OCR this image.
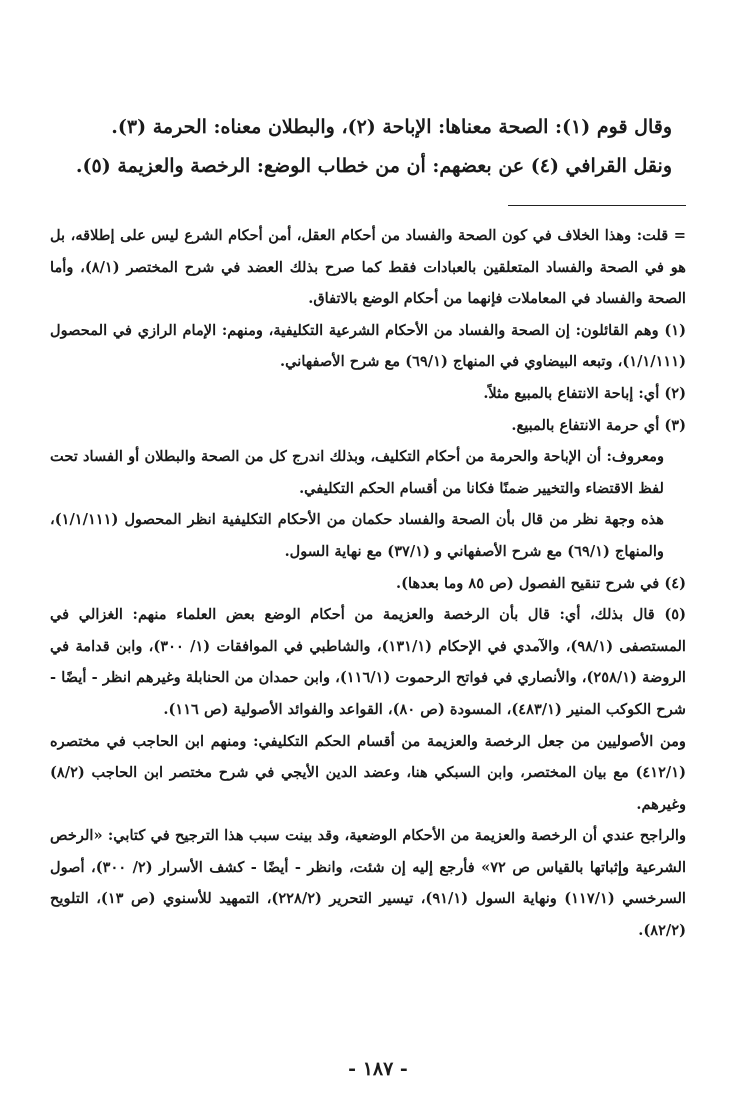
وقال قوم (١): الصحة معناها: الإباحة (٢)، والبطلان معناه: الحرمة (٣).

ونقل القرافي (٤) عن بعضهم: أن من خطاب الوضع: الرخصة والعزيمة (٥).

= قلت: وهذا الخلاف في كون الصحة والفساد من أحكام العقل، أمن أحكام الشرع ليس على إطلاقه، بل هو في الصحة والفساد المتعلقين بالعبادات فقط كما صرح بذلك العضد في شرح المختصر (٨/١)، وأما الصحة والفساد في المعاملات فإنهما من أحكام الوضع بالاتفاق.

(١) وهم القائلون: إن الصحة والفساد من الأحكام الشرعية التكليفية، ومنهم: الإمام الرازي في المحصول (١/١/١١١)، وتبعه البيضاوي في المنهاج (٦٩/١) مع شرح الأصفهاني.

(٢) أي: إباحة الانتفاع بالمبيع مثلاً.

(٣) أي حرمة الانتفاع بالمبيع.

ومعروف: أن الإباحة والحرمة من أحكام التكليف، وبذلك اندرج كل من الصحة والبطلان أو الفساد تحت لفظ الاقتضاء والتخيير ضمنًا فكانا من أقسام الحكم التكليفي.

هذه وجهة نظر من قال بأن الصحة والفساد حكمان من الأحكام التكليفية انظر المحصول (١/١/١١١)، والمنهاج (٦٩/١) مع شرح الأصفهاني و (٣٧/١) مع نهاية السول.

(٤) في شرح تنقيح الفصول (ص ٨٥ وما بعدها).

(٥) قال بذلك، أي: قال بأن الرخصة والعزيمة من أحكام الوضع بعض العلماء منهم: الغزالي في المستصفى (٩٨/١)، والآمدي في الإحكام (١٣١/١)، والشاطبي في الموافقات (١/ ٣٠٠)، وابن قدامة في الروضة (٢٥٨/١)، والأنصاري في فواتح الرحموت (١١٦/١)، وابن حمدان من الحنابلة وغيرهم انظر - أيضًا - شرح الكوكب المنير (٤٨٣/١)، المسودة (ص ٨٠)، القواعد والفوائد الأصولية (ص ١١٦).

ومن الأصوليين من جعل الرخصة والعزيمة من أقسام الحكم التكليفي: ومنهم ابن الحاجب في مختصره (٤١٢/١) مع بيان المختصر، وابن السبكي هنا، وعضد الدين الأيجي في شرح مختصر ابن الحاجب (٨/٢) وغيرهم.

والراجح عندي أن الرخصة والعزيمة من الأحكام الوضعية، وقد بينت سبب هذا الترجيح في كتابي: «الرخص الشرعية وإثباتها بالقياس ص ٧٢» فأرجع إليه إن شئت، وانظر - أيضًا - كشف الأسرار (٢/ ٣٠٠)، أصول السرخسي (١١٧/١) ونهاية السول (٩١/١)، تيسير التحرير (٢٢٨/٢)، التمهيد للأسنوي (ص ١٣)، التلويح (٨٢/٢).

- ١٨٧ -
